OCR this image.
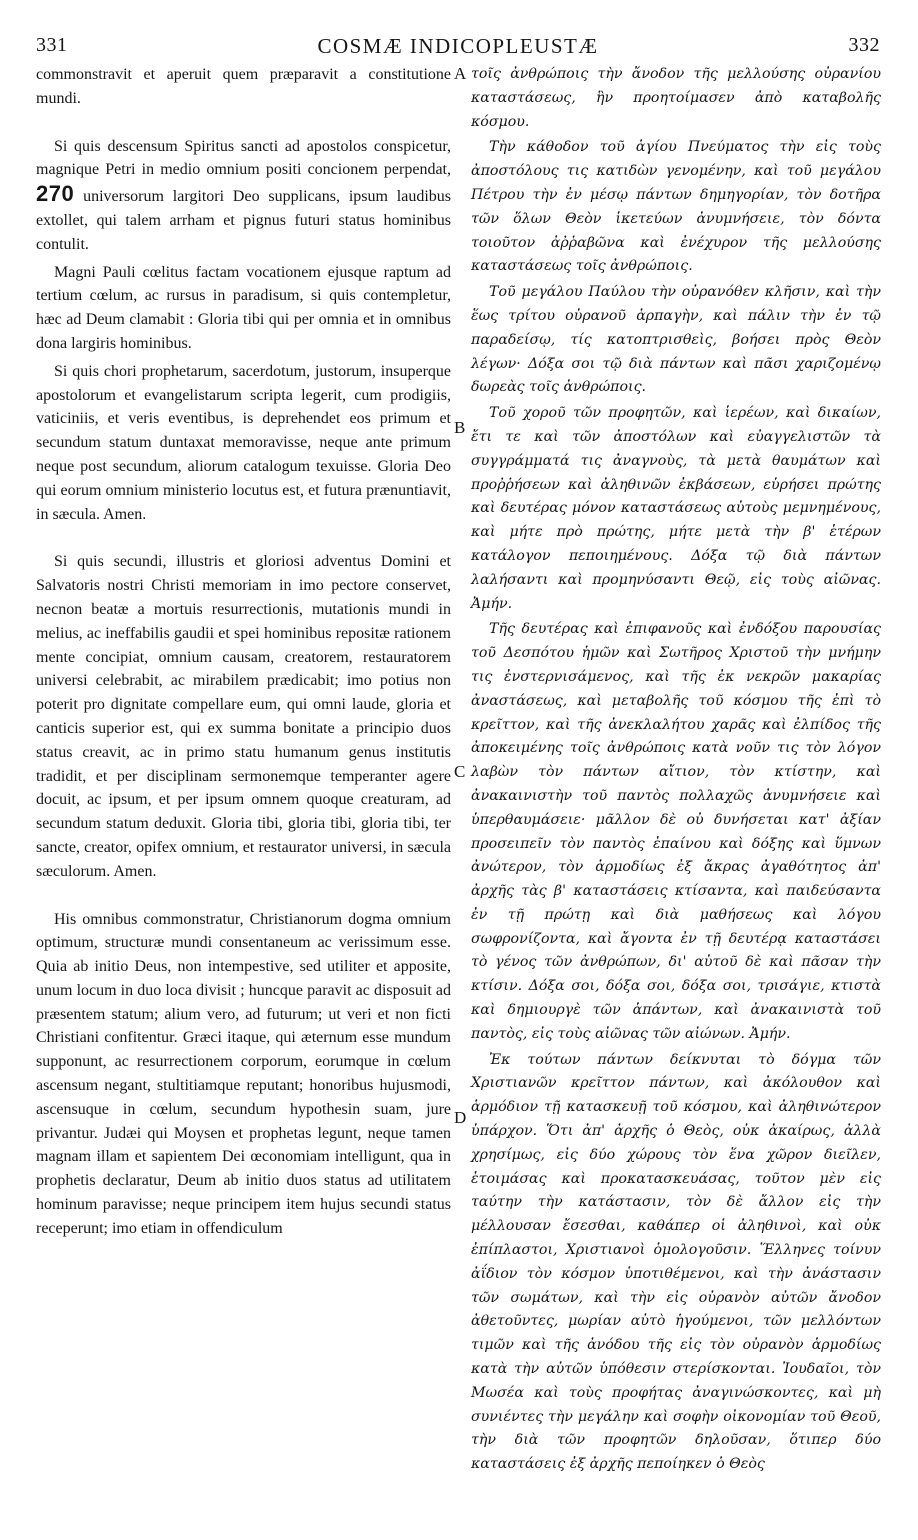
331	COSMÆ INDICOPLEUSTÆ	332

commonstravit et aperuit quem præparavit a constitutione mundi.

Si quis descensum Spiritus sancti ad apostolos conspicetur, magnique Petri in medio omnium positi concionem perpendat, 270 universorum largitori Deo supplicans, ipsum laudibus extollet, qui talem arrham et pignus futuri status hominibus contulit.

Magni Pauli cœlitus factam vocationem ejusque raptum ad tertium cœlum, ac rursus in paradisum, si quis contempletur, hæc ad Deum clamabit : Gloria tibi qui per omnia et in omnibus dona largiris hominibus.

Si quis chori prophetarum, sacerdotum, justorum, insuperque apostolorum et evangelistarum scripta legerit, cum prodigiis, vaticiniis, et veris eventibus, is deprehendet eos primum et secundum statum duntaxat memoravisse, neque ante primum neque post secundum, aliorum catalogum texuisse. Gloria Deo qui eorum omnium ministerio locutus est, et futura prænuntiavit, in sæcula. Amen.

Si quis secundi, illustris et gloriosi adventus Domini et Salvatoris nostri Christi memoriam in imo pectore conservet, necnon beatæ a mortuis resurrectionis, mutationis mundi in melius, ac ineffabilis gaudii et spei hominibus repositæ rationem mente concipiat, omnium causam, creatorem, restauratorem universi celebrabit, ac mirabilem prædicabit; imo potius non poterit pro dignitate compellare eum, qui omni laude, gloria et canticis superior est, qui ex summa bonitate a principio duos status creavit, ac in primo statu humanum genus institutis tradidit, et per disciplinam sermonemque temperanter agere docuit, ac ipsum, et per ipsum omnem quoque creaturam, ad secundum statum deduxit. Gloria tibi, gloria tibi, gloria tibi, ter sancte, creator, opifex omnium, et restaurator universi, in sæcula sæculorum. Amen.

His omnibus commonstratur, Christianorum dogma omnium optimum, structuræ mundi consentaneum ac verissimum esse. Quia ab initio Deus, non intempestive, sed utiliter et apposite, unum locum in duo loca divisit ; huncque paravit ac disposuit ad præsentem statum; alium vero, ad futurum; ut veri et non ficti Christiani confitentur. Græci itaque, qui æternum esse mundum supponunt, ac resurrectionem corporum, eorumque in cœlum ascensum negant, stultitiamque reputant; honoribus hujusmodi, ascensuque in cœlum, secundum hypothesin suam, jure privantur. Judæi qui Moysen et prophetas legunt, neque tamen magnam illam et sapientem Dei œconomiam intelligunt, qua in prophetis declaratur, Deum ab initio duos status ad utilitatem hominum paravisse; neque principem item hujus secundi status receperunt; imo etiam in offendiculum

A
B
C
D

τοῖς ἀνθρώποις τὴν ἄνοδον τῆς μελλούσης οὐρανίου καταστάσεως, ἣν προητοίμασεν ἀπὸ καταβολῆς κόσμου.

Τὴν κάθοδον τοῦ ἁγίου Πνεύματος τὴν εἰς τοὺς ἀποστόλους τις κατιδὼν γενομένην, καὶ τοῦ μεγάλου Πέτρου τὴν ἐν μέσῳ πάντων δημηγορίαν, τὸν δοτῆρα τῶν ὅλων Θεὸν ἱκετεύων ἀνυμνήσειε, τὸν δόντα τοιοῦτον ἀῤῥαβῶνα καὶ ἐνέχυρον τῆς μελλούσης καταστάσεως τοῖς ἀνθρώποις.

Τοῦ μεγάλου Παύλου τὴν οὐρανόθεν κλῆσιν, καὶ τὴν ἕως τρίτου οὐρανοῦ ἁρπαγὴν, καὶ πάλιν τὴν ἐν τῷ παραδείσῳ, τίς κατοπτρισθεὶς, βοήσει πρὸς Θεὸν λέγων· Δόξα σοι τῷ διὰ πάντων καὶ πᾶσι χαριζομένῳ δωρεὰς τοῖς ἀνθρώποις.

Τοῦ χοροῦ τῶν προφητῶν, καὶ ἱερέων, καὶ δικαίων, ἔτι τε καὶ τῶν ἀποστόλων καὶ εὐαγγελιστῶν τὰ συγγράμματά τις ἀναγνοὺς, τὰ μετὰ θαυμάτων καὶ προῤῥήσεων καὶ ἀληθινῶν ἐκβάσεων, εὑρήσει πρώτης καὶ δευτέρας μόνον καταστάσεως αὐτοὺς μεμνημένους, καὶ μήτε πρὸ πρώτης, μήτε μετὰ τὴν β' ἑτέρων κατάλογον πεποιημένους. Δόξα τῷ διὰ πάντων λαλήσαντι καὶ προμηνύσαντι Θεῷ, εἰς τοὺς αἰῶνας. Ἀμήν.

Τῆς δευτέρας καὶ ἐπιφανοῦς καὶ ἐνδόξου παρουσίας τοῦ Δεσπότου ἡμῶν καὶ Σωτῆρος Χριστοῦ τὴν μνήμην τις ἐνστερνισάμενος, καὶ τῆς ἐκ νεκρῶν μακαρίας ἀναστάσεως, καὶ μεταβολῆς τοῦ κόσμου τῆς ἐπὶ τὸ κρεῖττον, καὶ τῆς ἀνεκλαλήτου χαρᾶς καὶ ἐλπίδος τῆς ἀποκειμένης τοῖς ἀνθρώποις κατὰ νοῦν τις τὸν λόγον λαβὼν τὸν πάντων αἴτιον, τὸν κτίστην, καὶ ἀνακαινιστὴν τοῦ παντὸς πολλαχῶς ἀνυμνήσειε καὶ ὑπερθαυμάσειε· μᾶλλον δὲ οὐ δυνήσεται κατ' ἀξίαν προσειπεῖν τὸν παντὸς ἐπαίνου καὶ δόξης καὶ ὕμνων ἀνώτερον, τὸν ἁρμοδίως ἐξ ἄκρας ἀγαθότητος ἀπ' ἀρχῆς τὰς β' καταστάσεις κτίσαντα, καὶ παιδεύσαντα ἐν τῇ πρώτῃ καὶ διὰ μαθήσεως καὶ λόγου σωφρονίζοντα, καὶ ἄγοντα ἐν τῇ δευτέρᾳ καταστάσει τὸ γένος τῶν ἀνθρώπων, δι' αὐτοῦ δὲ καὶ πᾶσαν τὴν κτίσιν. Δόξα σοι, δόξα σοι, δόξα σοι, τρισάγιε, κτιστὰ καὶ δημιουργὲ τῶν ἁπάντων, καὶ ἀνακαινιστὰ τοῦ παντὸς, εἰς τοὺς αἰῶνας τῶν αἰώνων. Ἀμήν.

Ἐκ τούτων πάντων δείκνυται τὸ δόγμα τῶν Χριστιανῶν κρεῖττον πάντων, καὶ ἀκόλουθον καὶ ἁρμόδιον τῇ κατασκευῇ τοῦ κόσμου, καὶ ἀληθινώτερον ὑπάρχον. Ὅτι ἀπ' ἀρχῆς ὁ Θεὸς, οὐκ ἀκαίρως, ἀλλὰ χρησίμως, εἰς δύο χώρους τὸν ἕνα χῶρον διεῖλεν, ἑτοιμάσας καὶ προκατασκευάσας, τοῦτον μὲν εἰς ταύτην τὴν κατάστασιν, τὸν δὲ ἄλλον εἰς τὴν μέλλουσαν ἔσεσθαι, καθάπερ οἱ ἀληθινοὶ, καὶ οὐκ ἐπίπλαστοι, Χριστιανοὶ ὁμολογοῦσιν. Ἕλληνες τοίνυν ἀΐδιον τὸν κόσμον ὑποτιθέμενοι, καὶ τὴν ἀνάστασιν τῶν σωμάτων, καὶ τὴν εἰς οὐρανὸν αὐτῶν ἄνοδον ἀθετοῦντες, μωρίαν αὐτὸ ἡγούμενοι, τῶν μελλόντων τιμῶν καὶ τῆς ἀνόδου τῆς εἰς τὸν οὐρανὸν ἁρμοδίως κατὰ τὴν αὐτῶν ὑπόθεσιν στερίσκονται. Ἰουδαῖοι, τὸν Μωσέα καὶ τοὺς προφήτας ἀναγινώσκοντες, καὶ μὴ συνιέντες τὴν μεγάλην καὶ σοφὴν οἰκονομίαν τοῦ Θεοῦ, τὴν διὰ τῶν προφητῶν δηλοῦσαν, ὅτιπερ δύο καταστάσεις ἐξ ἀρχῆς πεποίηκεν ὁ Θεὸς
